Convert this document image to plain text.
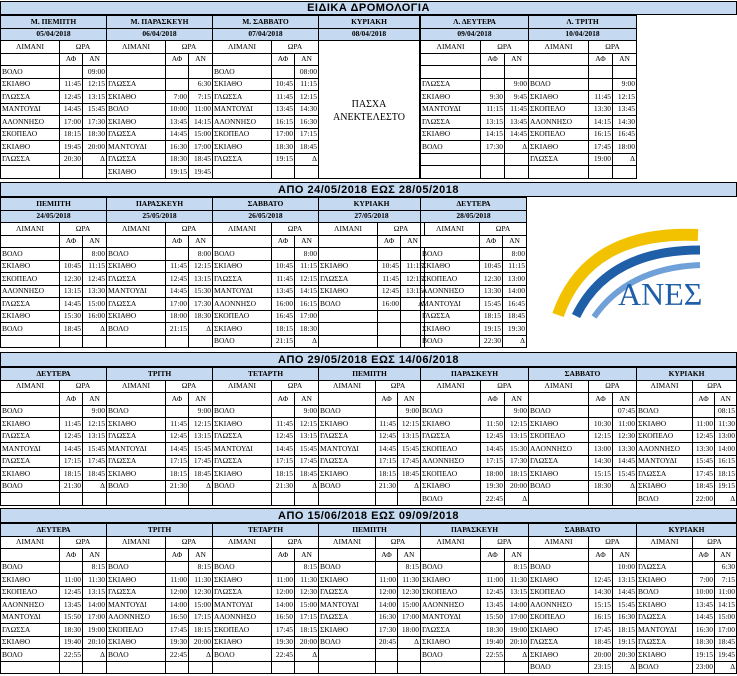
ΕΙΔΙΚΑ ΔΡΟΜΟΛΟΓΙΑ
Μ. ΠΕΜΠΤΗ		
05/04/2018		
ΛΙΜΑΝΙ	ΩΡΑ	
	ΑΦ	ΑΝ
ΒΟΛΟ		09:00
ΣΚΙΑΘΟ	11:45	12:15
ΓΛΩΣΣΑ	12:45	13:15
ΜΑΝΤΟΥΔΙ	14:45	15:45
ΑΛΟΝΝΗΣΟ	17:00	17:30
ΣΚΟΠΕΛΟ	18:15	18:30
ΣΚΙΑΘΟ	19:45	20:00
ΓΛΩΣΣΑ	20:30	Δ

Μ. ΠΑΡΑΣΚΕΥΗ		
06/04/2018		
ΛΙΜΑΝΙ	ΩΡΑ	
	ΑΦ	ΑΝ

ΓΛΩΣΣΑ		6:30
ΣΚΙΑΘΟ	7:00	7:15
ΒΟΛΟ	10:00	11:00
ΣΚΙΑΘΟ	13:45	14:15
ΓΛΩΣΣΑ	14:45	15:00
ΜΑΝΤΟΥΔΙ	16:30	17:00
ΓΛΩΣΣΑ	18:30	18:45
ΣΚΙΑΘΟ	19:15	19:45
Μ. ΣΑΒΒΑΤΟ		
07/04/2018		
ΛΙΜΑΝΙ	ΩΡΑ	
	ΑΦ	ΑΝ
ΒΟΛΟ		08:00
ΣΚΙΑΘΟ	10:45	11:15
ΓΛΩΣΣΑ	11:45	12:15
ΜΑΝΤΟΥΔΙ	13:45	14:30
ΑΛΟΝΝΗΣΟ	16:15	16:30
ΣΚΟΠΕΛΟ	17:00	17:15
ΣΚΙΑΘΟ	18:30	18:45
ΓΛΩΣΣΑ	19:15	Δ

ΚΥΡΙΑΚΗ
08/04/2018

Λ. ΔΕΥΤΕΡΑ		
09/04/2018		
ΛΙΜΑΝΙ	ΩΡΑ	
	ΑΦ	ΑΝ

ΓΛΩΣΣΑ		9:00
ΣΚΙΑΘΟ	9:30	9:45
ΜΑΝΤΟΥΔΙ	11:15	11:45
ΓΛΩΣΣΑ	13:15	13:45
ΣΚΙΑΘΟ	14:15	14:45
ΒΟΛΟ	17:30	Δ

Λ. ΤΡΙΤΗ		
10/04/2018		
ΛΙΜΑΝΙ	ΩΡΑ	
	ΑΦ	ΑΝ

ΒΟΛΟ		9:00
ΣΚΙΑΘΟ	11:45	12:15
ΣΚΟΠΕΛΟ	13:30	13:45
ΑΛΟΝΝΗΣΟ	14:15	14:30
ΣΚΟΠΕΛΟ	16:15	16:45
ΣΚΙΑΘΟ	17:45	18:00
ΓΛΩΣΣΑ	19:00	Δ

ΠΑΣΧΑ
ΑΝΕΚΤΕΛΕΣΤΟ
ΑΠΟ 24/05/2018 ΕΩΣ 28/05/2018
ΠΕΜΠΤΗ		
24/05/2018		
ΛΙΜΑΝΙ	ΩΡΑ	
	ΑΦ	ΑΝ
ΒΟΛΟ		8:00
ΣΚΙΑΘΟ	10:45	11:15
ΣΚΟΠΕΛΟ	12:30	12:45
ΑΛΟΝΝΗΣΟ	13:15	13:30
ΓΛΩΣΣΑ	14:45	15:00
ΣΚΙΑΘΟ	15:30	16:00
ΒΟΛΟ	18:45	Δ

ΠΑΡΑΣΚΕΥΗ		
25/05/2018		
ΛΙΜΑΝΙ	ΩΡΑ	
	ΑΦ	ΑΝ
ΒΟΛΟ		8:00
ΣΚΙΑΘΟ	11:45	12:15
ΓΛΩΣΣΑ	12:45	13:15
ΜΑΝΤΟΥΔΙ	14:45	15:30
ΓΛΩΣΣΑ	17:00	17:30
ΣΚΙΑΘΟ	18:00	18:30
ΒΟΛΟ	21:15	Δ

ΣΑΒΒΑΤΟ		
26/05/2018		
ΛΙΜΑΝΙ	ΩΡΑ	
	ΑΦ	ΑΝ
ΒΟΛΟ		8:00
ΣΚΙΑΘΟ	10:45	11:15
ΓΛΩΣΣΑ	11:45	12:15
ΜΑΝΤΟΥΔΙ	13:45	14:15
ΑΛΟΝΝΗΣΟ	16:00	16:15
ΣΚΟΠΕΛΟ	16:45	17:00
ΣΚΙΑΘΟ	18:15	18:30
ΒΟΛΟ	21:15	Δ
ΚΥΡΙΑΚΗ		
27/05/2018		
ΛΙΜΑΝΙ	ΩΡΑ	
	ΑΦ	ΑΝ

ΣΚΙΑΘΟ	10:45	11:15
ΓΛΩΣΣΑ	11:45	12:15
ΣΚΙΑΘΟ	12:45	13:15
ΒΟΛΟ	16:00	Δ

ΔΕΥΤΕΡΑ		
28/05/2018		
ΛΙΜΑΝΙ	ΩΡΑ	
	ΑΦ	ΑΝ
ΒΟΛΟ		8:00
ΣΚΙΑΘΟ	10:45	11:15
ΣΚΟΠΕΛΟ	12:30	13:00
ΑΛΟΝΝΗΣΟ	13:30	14:00
ΜΑΝΤΟΥΔΙ	15:45	16:45
ΓΛΩΣΣΑ	18:15	18:45
ΣΚΙΑΘΟ	19:15	19:30
ΒΟΛΟ	22:30	Δ
ΑΝΕΣ
ΑΠΟ 29/05/2018 ΕΩΣ 14/06/2018
ΔΕΥΤΕΡΑ		
ΛΙΜΑΝΙ	ΩΡΑ	
	ΑΦ	ΑΝ
ΒΟΛΟ		9:00
ΣΚΙΑΘΟ	11:45	12:15
ΓΛΩΣΣΑ	12:45	13:15
ΜΑΝΤΟΥΔΙ	14:45	15:45
ΓΛΩΣΣΑ	17:15	17:45
ΣΚΙΑΘΟ	18:15	18:45
ΒΟΛΟ	21:30	Δ

ΤΡΙΤΗ		
ΛΙΜΑΝΙ	ΩΡΑ	
	ΑΦ	ΑΝ
ΒΟΛΟ		9:00
ΣΚΙΑΘΟ	11:45	12:15
ΓΛΩΣΣΑ	12:45	13:15
ΜΑΝΤΟΥΔΙ	14:45	15:45
ΓΛΩΣΣΑ	17:15	17:45
ΣΚΙΑΘΟ	18:15	18:45
ΒΟΛΟ	21:30	Δ

ΤΕΤΑΡΤΗ		
ΛΙΜΑΝΙ	ΩΡΑ	
	ΑΦ	ΑΝ
ΒΟΛΟ		9:00
ΣΚΙΑΘΟ	11:45	12:15
ΓΛΩΣΣΑ	12:45	13:15
ΜΑΝΤΟΥΔΙ	14:45	15:45
ΓΛΩΣΣΑ	17:15	17:45
ΣΚΙΑΘΟ	18:15	18:45
ΒΟΛΟ	21:30	Δ

ΠΕΜΠΤΗ		
ΛΙΜΑΝΙ	ΩΡΑ	
	ΑΦ	ΑΝ
ΒΟΛΟ		9:00
ΣΚΙΑΘΟ	11:45	12:15
ΓΛΩΣΣΑ	12:45	13:15
ΜΑΝΤΟΥΔΙ	14:45	15:45
ΓΛΩΣΣΑ	17:15	17:45
ΣΚΙΑΘΟ	18:15	18:45
ΒΟΛΟ	21:30	Δ

ΠΑΡΑΣΚΕΥΗ		
ΛΙΜΑΝΙ	ΩΡΑ	
	ΑΦ	ΑΝ
ΒΟΛΟ		9:00
ΣΚΙΑΘΟ	11:50	12:15
ΓΛΩΣΣΑ	12:45	13:15
ΣΚΟΠΕΛΟ	14:45	15:30
ΑΛΟΝΝΗΣΟ	17:15	17:30
ΣΚΟΠΕΛΟ	18:00	18:15
ΣΚΙΑΘΟ	19:30	20:00
ΒΟΛΟ	22:45	Δ
ΣΑΒΒΑΤΟ		
ΛΙΜΑΝΙ	ΩΡΑ	
	ΑΦ	ΑΝ
ΒΟΛΟ		07:45
ΣΚΙΑΘΟ	10:30	11:00
ΣΚΟΠΕΛΟ	12:15	12:30
ΑΛΟΝΝΗΣΟ	13:00	13:30
ΓΛΩΣΣΑ	14:30	14:45
ΣΚΙΑΘΟ	15:15	15:45
ΒΟΛΟ	18:30	Δ

ΚΥΡΙΑΚΗ		
ΛΙΜΑΝΙ	ΩΡΑ	
	ΑΦ	ΑΝ
ΒΟΛΟ		08:15
ΣΚΙΑΘΟ	11:00	11:30
ΣΚΟΠΕΛΟ	12:45	13:00
ΑΛΟΝΝΗΣΟ	13:30	14:00
ΜΑΝΤΟΥΔΙ	15:45	16:15
ΓΛΩΣΣΑ	17:45	18:15
ΣΚΙΑΘΟ	18:45	19:15
ΒΟΛΟ	22:00	Δ
ΑΠΟ 15/06/2018 ΕΩΣ 09/09/2018
ΔΕΥΤΕΡΑ		
ΛΙΜΑΝΙ	ΩΡΑ	
	ΑΦ	ΑΝ
ΒΟΛΟ		8:15
ΣΚΙΑΘΟ	11:00	11:30
ΣΚΟΠΕΛΟ	12:45	13:15
ΑΛΟΝΝΗΣΟ	13:45	14:00
ΜΑΝΤΟΥΔΙ	15:50	17:00
ΓΛΩΣΣΑ	18:30	19:00
ΣΚΙΑΘΟ	19:40	20:10
ΒΟΛΟ	22:55	Δ

ΤΡΙΤΗ		
ΛΙΜΑΝΙ	ΩΡΑ	
	ΑΦ	ΑΝ
ΒΟΛΟ		8:15
ΣΚΙΑΘΟ	11:00	11:30
ΓΛΩΣΣΑ	12:00	12:30
ΜΑΝΤΟΥΔΙ	14:00	15:00
ΑΛΟΝΝΗΣΟ	16:50	17:15
ΣΚΟΠΕΛΟ	17:45	18:15
ΣΚΙΑΘΟ	19:30	20:00
ΒΟΛΟ	22:45	Δ

ΤΕΤΑΡΤΗ		
ΛΙΜΑΝΙ	ΩΡΑ	
	ΑΦ	ΑΝ
ΒΟΛΟ		8:15
ΣΚΙΑΘΟ	11:00	11:30
ΓΛΩΣΣΑ	12:00	12:30
ΜΑΝΤΟΥΔΙ	14:00	15:00
ΑΛΟΝΝΗΣΟ	16:50	17:15
ΣΚΟΠΕΛΟ	17:45	18:15
ΣΚΙΑΘΟ	19:30	20:00
ΒΟΛΟ	22:45	Δ

ΠΕΜΠΤΗ		
ΛΙΜΑΝΙ	ΩΡΑ	
	ΑΦ	ΑΝ
ΒΟΛΟ		8:15
ΣΚΙΑΘΟ	11:00	11:30
ΓΛΩΣΣΑ	12:00	12:30
ΜΑΝΤΟΥΔΙ	14:00	15:00
ΓΛΩΣΣΑ	16:30	17:00
ΣΚΙΑΘΟ	17:30	18:00
ΒΟΛΟ	20:45	Δ

ΠΑΡΑΣΚΕΥΗ		
ΛΙΜΑΝΙ	ΩΡΑ	
	ΑΦ	ΑΝ
ΒΟΛΟ		8:15
ΣΚΙΑΘΟ	11:00	11:30
ΣΚΟΠΕΛΟ	12:45	13:15
ΑΛΟΝΝΗΣΟ	13:45	14:00
ΜΑΝΤΟΥΔΙ	15:50	17:00
ΓΛΩΣΣΑ	18:30	19:00
ΣΚΙΑΘΟ	19:40	20:10
ΒΟΛΟ	22:55	Δ

ΣΑΒΒΑΤΟ		
ΛΙΜΑΝΙ	ΩΡΑ	
	ΑΦ	ΑΝ
ΒΟΛΟ		10:00
ΣΚΙΑΘΟ	12:45	13:15
ΣΚΟΠΕΛΟ	14:30	14:45
ΑΛΟΝΝΗΣΟ	15:15	15:45
ΣΚΟΠΕΛΟ	16:15	16:30
ΣΚΙΑΘΟ	17:45	18:15
ΓΛΩΣΣΑ	18:45	19:15
ΣΚΙΑΘΟ	20:00	20:30
ΒΟΛΟ	23:15	Δ
ΚΥΡΙΑΚΗ		
ΛΙΜΑΝΙ	ΩΡΑ	
	ΑΦ	ΑΝ
ΓΛΩΣΣΑ		6:30
ΣΚΙΑΘΟ	7:00	7:15
ΒΟΛΟ	10:00	11:00
ΣΚΙΑΘΟ	13:45	14:15
ΓΛΩΣΣΑ	14:45	15:00
ΜΑΝΤΟΥΔΙ	16:30	17:00
ΓΛΩΣΣΑ	18:30	18:45
ΣΚΙΑΘΟ	19:15	19:45
ΒΟΛΟ	23:00	Δ
